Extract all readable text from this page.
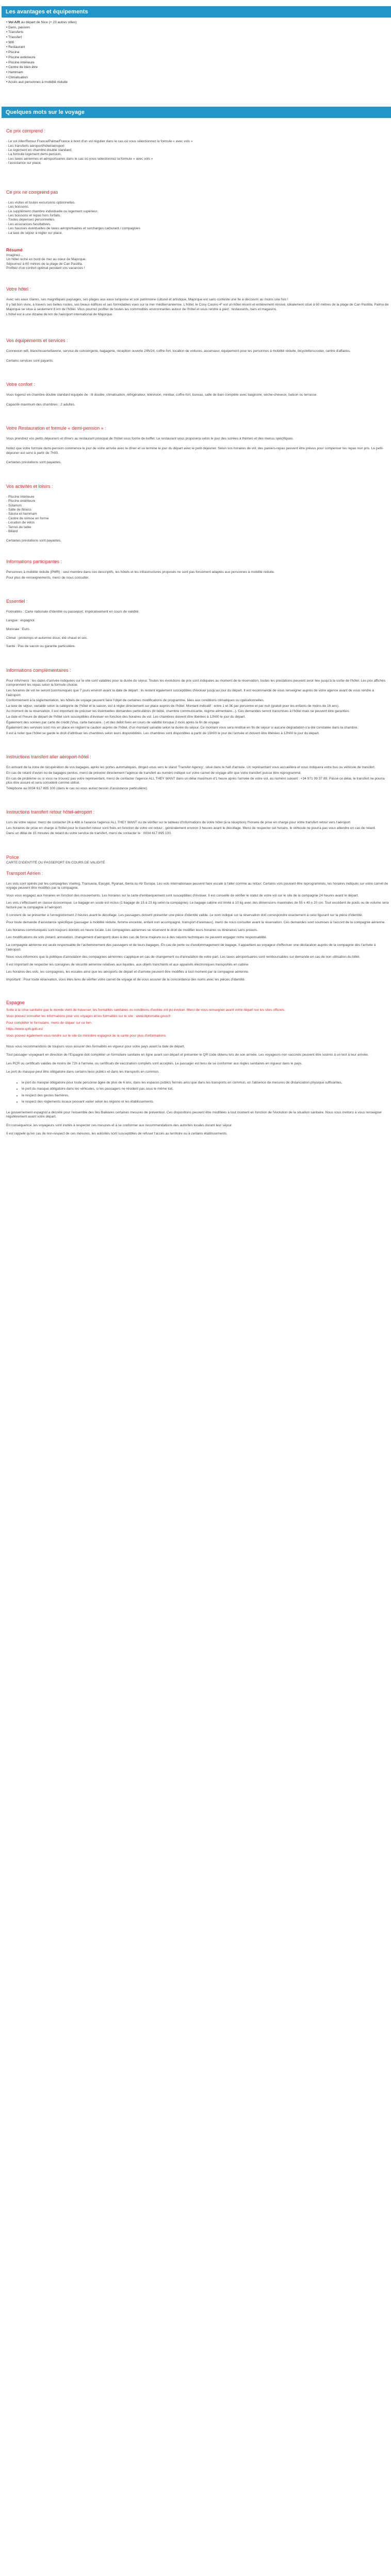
Les avantages et équipements
• Vol A/R au départ de Nice (+ 23 autres villes)
• Dans, passion
• Transferts
• Transfert
• Wifi
• Restaurant
• Piscine
• Piscine extérieure
• Piscine intérieure
• Centre de bien-être
• Hammam
• Climatisation
• Accès aux personnes à mobilité réduite
Quelques mots sur le voyage

Ce prix comprend :

- Le vol Aller/Retour France/Palma/France à bord d'un vol régulier dans le cas où vous sélectionnez la formule « avec vols »

- Les transferts aéroport/hôtel/aéroport

- Le logement en chambre double standard,

- La formule logement demi-pension,

- Les taxes aériennes et aéroportuaires dans le cas où vous sélectionnez la formule « avec vols »

- l'assistance sur place.

Ce prix ne comprend pas

- Les visites et toutes excursions optionnelles.

- Les boissons.

- Le supplément chambre individuelle ou logement supérieur.

- Les boissons et repas hors forfaits.

- Toutes dépenses personnelles.

- Les assurances facultatives.

- Les hausses éventuelles de taxes aéroportuaires et surcharges carburant / compagnies

- La taxe de séjour à régler sur place.

Résumé

Imaginez...

Un hôtel niché en bord de mer au cœur de Majorque.

Séjournez à 60 mètres de la plage de Can Pastilla.

Profitez d'un confort optimal pendant vos vacances !

Votre hôtel :

Avec ses eaux claires, ses magnifiques paysages, ses plages aux eaux turquoise et son patrimoine culturel et artistique, Majorque est sans conteste une île à découvrir au moins une fois !

Il y fait bon vivre, à travers ses belles routes, ses beaux édifices et ses formidables vues sur la mer méditerranéenne. L'hôtel, le Cosy Casino 4* est un hôtel récent et entièrement rénové, idéalement situé à 60 mètres de la plage de Can Pastilla. Palma de Majorque se situe à seulement 8 km de l'hôtel. Vous pourrez profiter de toutes les commodités environnantes autour de l'hôtel et vous rendre à pied : restaurants, bars et magasins.

L'hôtel est à une dizaine de km de l'aéroport international de Majorque.

Vos équipements et services :

Connexion wifi, blanchisserie/laverie, service de conciergerie, bagagerie, réception ouverte 24h/24, coffre-fort, location de voitures, ascenseur, équipement pour les personnes à mobilité réduite, bicyclette/scooter, centre d'affaires.

Certains services sont payants.

Votre confort :

Vous logerez en chambre double standard équipée de : lit double, climatisation, réfrigérateur, télévision, minibar, coffre-fort, bureau, salle de bain complète avec baignoire, sèche-cheveux, balcon ou terrasse.

Capacité maximum des chambres : 2 adultes.

Votre Restauration et formule « demi-pension » :

Vous prendrez vos petits déjeuners et dîners au restaurant principal de l'hôtel sous forme de buffet. Le restaurant vous proposera selon le jour des soirées à thèmes et des menus spécifiques.

Notez que votre formule demi-pension commence le jour de votre arrivée avec le dîner et se termine le jour du départ avec le petit déjeuner. Selon vos horaires de vol, des paniers-repas peuvent être prévus pour compenser les repas non pris. Le petit-déjeuner est servi à partir de 7h00.

Certaines prestations sont payantes.

Vos activités et loisirs :

- Piscine intérieure

- Piscine extérieure

- Solarium

- Salle de fitness

- Sauna et hammam

- Centre de remise en forme

- Location de vélos

- Tennis de table

- Billard

Certaines prestations sont payantes.

Informations participantes :

Personnes à mobilité réduite (PMR) : seul membre dans ces descriptifs, les hôtels et les infrastructures proposés ne sont pas forcément adaptés aux personnes à mobilité réduite.

Pour plus de renseignements, merci de nous consulter.

Essentiel :

Formalités : Carte nationale d'identité ou passeport, impérativement en cours de validité.

Langue : espagnol.

Monnaie : Euro.

Climat : printemps et automne doux, été chaud et sec.

Santé : Pas de vaccin ou garantie particulière.

Informations complémentaires :

Pour info/merci : les dates d'arrivée indiquées sur le site sont valables pour la durée du séjour. Toutes les évolutions de prix sont indiquées au moment de la réservation, toutes les prestations peuvent avoir lieu jusqu'à la sortie de l'hôtel. Les prix affichés comprennent les repas selon la formule choisie.

Les horaires de vol ne seront communiqués que 7 jours environ avant la date de départ ; ils restent également susceptibles d'évoluer jusqu'au jour du départ. Il est recommandé de vous renseigner auprès de votre agence avant de vous rendre à l'aéroport.

Conformément à la réglementation, les hôtels de voyage peuvent faire l'objet de certaines modifications de programme, liées aux conditions climatiques ou opérationnelles.

La taxe de séjour, variable selon la catégorie de l'hôtel et la saison, est à régler directement sur place auprès de l'hôtel. Montant indicatif : entre 1 et 3€ par personne et par nuit (gratuit pour les enfants de moins de 16 ans).

Au moment de la réservation, il est important de préciser les éventuelles demandes particulières (lit bébé, chambre communicante, régime alimentaire...). Ces demandes seront transmises à l'hôtel mais ne peuvent être garanties.

La date et l'heure de départ de l'hôtel sont susceptibles d'évoluer en fonction des horaires de vol. Les chambres doivent être libérées à 12h00 le jour du départ.

Également des soirées par carte de crédit (Visa, carte bancaire...) et des débit fixés en cours de validité lorsque 2 mois après la fin de voyage.

Également des services sont mis en place en réglant la caution auprès de l'hôtel, d'un montant variable selon la durée du séjour. Ce montant vous sera restitué en fin de séjour si aucune dégradation n'a été constatée dans la chambre.

Il est à noter que l'hôtel se garde le droit d'attribuer les chambres selon leurs disponibilités. Les chambres sont disponibles à partir de 15h00 le jour de l'arrivée et doivent être libérées à 12h00 le jour du départ.

Instructions transfert aller aéroport-hôtel :

En arrivant de la zone de récupération de vos bagages, après les portes automatiques, dirigez-vous vers le stand 'Transfer Agency', situé dans le hall d'arrivée. Un représentant vous accueillera et vous indiquera votre bus ou véhicule de transfert.

En cas de retard d'avion ou de bagages perdus, merci de prévenir directement l'agence de transfert au numéro indiqué sur votre carnet de voyage afin que votre transfert puisse être reprogrammé.

En cas de problème ou si vous ne trouvez pas votre représentant, merci de contacter l'agence ALL THEY WANT dans un délai maximum d'1 heure après l'arrivée de votre vol, au numéro suivant : +34 971 09 37 89. Passé ce délai, le transfert ne pourra plus être assuré et sera considéré comme utilisé.

Téléphone au 0034 617 895 100 (dans le cas où vous auriez besoin d'assistance particulière).

Instructions transfert retour hôtel-aéroport :

Lors de votre séjour, merci de contacter 24 à 48h à l'avance l'agence ALL THEY WANT ou de vérifier sur le tableau d'informations de votre hôtel (à la réception) l'horaire de prise en charge pour votre transfert retour vers l'aéroport.

Les horaires de prise en charge à l'hôtel pour le transfert retour sont fixés en fonction de votre vol retour : généralement environ 3 heures avant le décollage. Merci de respecter cet horaire, le véhicule ne pourra pas vous attendre en cas de retard.

Dans un délai de 15 minutes de retard du votre service de transfert, merci de contacter le : 0034 617 895 100.

Police

CARTE D'IDENTITÉ OU PASSEPORT EN COURS DE VALIDITÉ

Transport Aérien :

Les vols sont opérés par les compagnies Vueling, Transavia, Easyjet, Ryanair, Iberia ou Air Europa. Les vols internationaux peuvent faire escale à l'aller comme au retour. Certains vols pouvant être reprogrammés, les horaires indiqués sur votre carnet de voyage peuvent être modifiés par la compagnie.

Vous vous engagez aux horaires en fonction des mouvements. Les horaires sur la carte d'embarquement sont susceptibles d'évoluer. Il est conseillé de vérifier le statut de votre vol sur le site de la compagnie 24 heures avant le départ.

Les vols s'effectuent en classe économique. Le bagage en soute est inclus (1 bagage de 15 à 23 kg selon la compagnie). Le bagage cabine est limité à 10 kg avec des dimensions maximales de 55 x 40 x 20 cm. Tout excédent de poids ou de volume sera facturé par la compagnie à l'aéroport.

Il convient de se présenter à l'enregistrement 2 heures avant le décollage. Les passagers doivent présenter une pièce d'identité valide. Le nom indiqué sur la réservation doit correspondre exactement à celui figurant sur la pièce d'identité.

Pour toute demande d'assistance spécifique (passager à mobilité réduite, femme enceinte, enfant non accompagné, transport d'animaux), merci de nous consulter avant la réservation. Ces demandes sont soumises à l'accord de la compagnie aérienne.

Les horaires communiqués sont toujours donnés en heure locale. Les compagnies aériennes se réservent le droit de modifier leurs horaires ou itinéraires sans préavis.

Les modifications de vols (retard, annulation, changement d'aéroport) dues à des cas de force majeure ou à des raisons techniques ne peuvent engager notre responsabilité.

La compagnie aérienne est seule responsable de l'acheminement des passagers et de leurs bagages. En cas de perte ou d'endommagement de bagage, il appartient au voyageur d'effectuer une déclaration auprès de la compagnie dès l'arrivée à l'aéroport.

Nous vous informons que la politique d'annulation des compagnies aériennes s'applique en cas de changement ou d'annulation de votre part. Les taxes aéroportuaires sont remboursables sur demande en cas de non utilisation du billet.

Il est important de respecter les consignes de sécurité aérienne relatives aux liquides, aux objets tranchants et aux appareils électroniques transportés en cabine.

Les horaires des vols, les compagnies, les escales ainsi que les aéroports de départ et d'arrivée peuvent être modifiés à tout moment par la compagnie aérienne.

Important : Pour toute réservation, vous êtes tenu de vérifier votre carnet de voyage et de vous assurer de la concordance des noms avec les pièces d'identité.

Espagne

Suite à la crise sanitaire que le monde vient de traverser, les formalités sanitaires ou conditions d'entrée ont pu évoluer. Merci de vous renseigner avant votre départ sur les sites officiels.

Vous pouvez consulter les informations pour vos voyages et les formalités sur le site : www.diplomatie.gouv.fr

Pour compléter le formulaire, merci de cliquer sur ce lien :

https://www.spth.gob.es/

Vous pouvez également vous rendre sur le site du ministère espagnol de la santé pour plus d'informations.

Nous vous recommandons de toujours vous assurer des formalités en vigueur pour votre pays avant la date de départ.

Tout passager voyageant en direction de l'Espagne doit compléter un formulaire sanitaire en ligne avant son départ et présenter le QR code obtenu lors de son arrivée. Les voyageurs non vaccinés peuvent être soumis à un test à leur arrivée.

Les PCR ou certificats valides de moins de 72h à l'arrivée, ou certificats de vaccination complets sont acceptés. Le passager est tenu de se conformer aux règles sanitaires en vigueur dans le pays.

Le port du masque peut être obligatoire dans certains lieux publics et dans les transports en commun.

• le port du masque obligatoire pour toute personne âgée de plus de 6 ans, dans les espaces publics fermés ainsi que dans les transports en commun, en l'absence de mesures de distanciation physique suffisantes,
• le port du masque obligatoire dans les véhicules, si les passagers ne résident pas sous le même toit,
• le respect des gestes barrières,
• le respect des règlements locaux pouvant varier selon les régions et les établissements.

Le gouvernement espagnol a décrété pour l'ensemble des îles Baléares certaines mesures de prévention. Ces dispositions peuvent être modifiées à tout moment en fonction de l'évolution de la situation sanitaire. Nous vous invitons à vous renseigner régulièrement avant votre départ.

En conséquence, les voyageurs sont invités à respecter ces mesures et à se conformer aux recommandations des autorités locales durant leur séjour.

Il est rappelé qu'en cas de non-respect de ces mesures, les autorités sont susceptibles de refuser l'accès au territoire ou à certains établissements.
